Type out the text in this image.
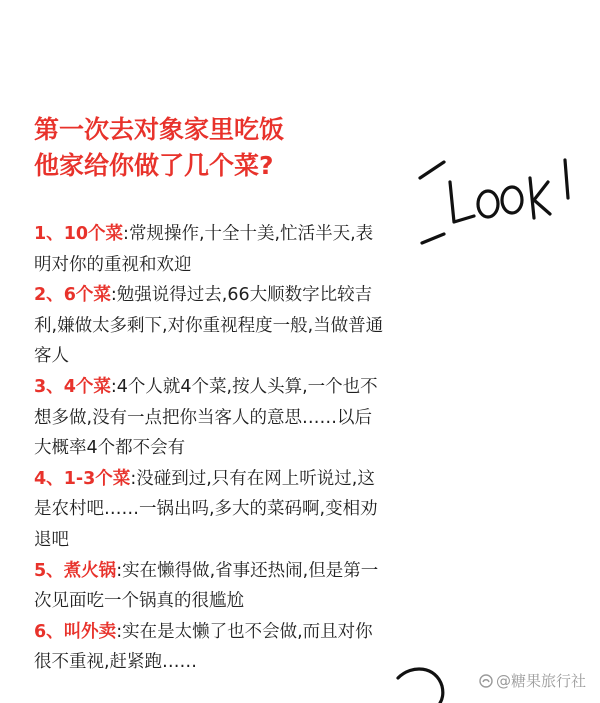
第一次去对象家里吃饭
他家给你做了几个菜?

1、10个菜:常规操作,十全十美,忙活半天,表明对你的重视和欢迎

2、6个菜:勉强说得过去,66大顺数字比较吉利,嫌做太多剩下,对你重视程度一般,当做普通客人

3、4个菜:4个人就4个菜,按人头算,一个也不想多做,没有一点把你当客人的意思……以后大概率4个都不会有

4、1-3个菜:没碰到过,只有在网上听说过,这是农村吧……一锅出吗,多大的菜码啊,变相劝退吧

5、煮火锅:实在懒得做,省事还热闹,但是第一次见面吃一个锅真的很尴尬

6、叫外卖:实在是太懒了也不会做,而且对你很不重视,赶紧跑……

@糖果旅行社
